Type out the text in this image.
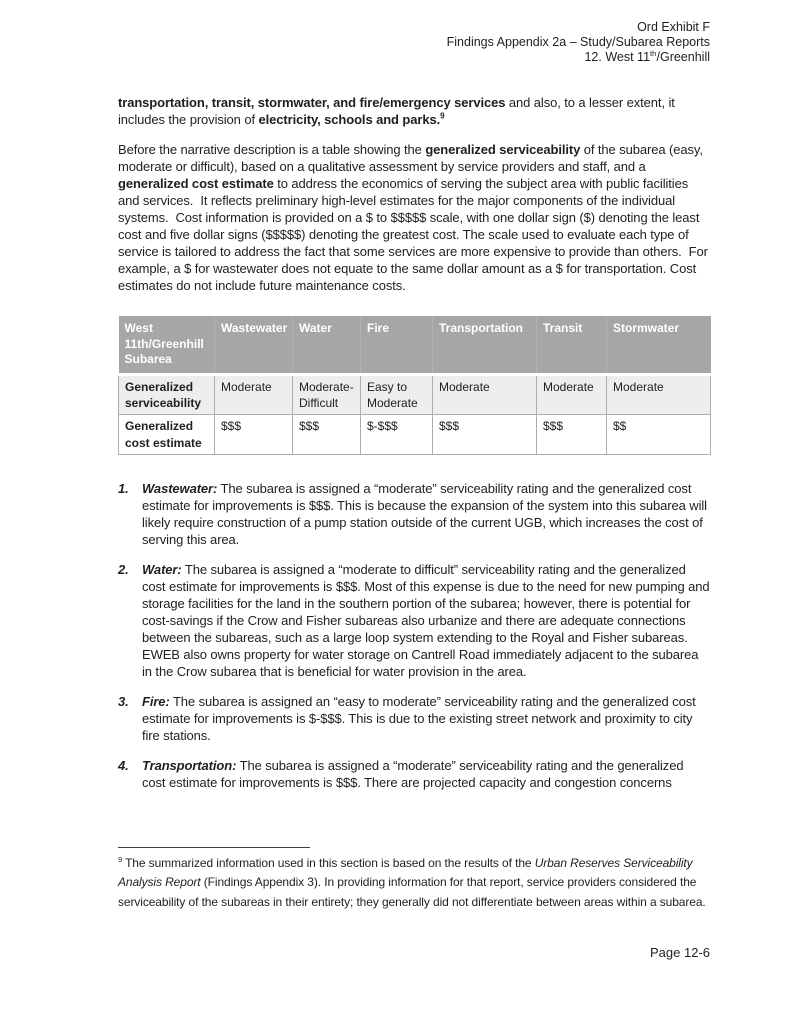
Ord Exhibit F
Findings Appendix 2a – Study/Subarea Reports
12. West 11th/Greenhill

transportation, transit, stormwater, and fire/emergency services and also, to a lesser extent, it includes the provision of electricity, schools and parks.$^9$

Before the narrative description is a table showing the generalized serviceability of the subarea (easy, moderate or difficult), based on a qualitative assessment by service providers and staff, and a generalized cost estimate to address the economics of serving the subject area with public facilities and services.  It reflects preliminary high-level estimates for the major components of the individual systems.  Cost information is provided on a $ to $$$$$ scale, with one dollar sign ($) denoting the least cost and five dollar signs ($$$$$) denoting the greatest cost. The scale used to evaluate each type of service is tailored to address the fact that some services are more expensive to provide than others.  For example, a $ for wastewater does not equate to the same dollar amount as a $ for transportation. Cost estimates do not include future maintenance costs.

West 11th/Greenhill Subarea	Wastewater	Water	Fire	Transportation	Transit	Stormwater
Generalized serviceability	Moderate	Moderate-Difficult	Easy to Moderate	Moderate	Moderate	Moderate
Generalized cost estimate	$$$	$$$	$-$$$	$$$	$$$	$$
1.	Wastewater: The subarea is assigned a “moderate” serviceability rating and the generalized cost estimate for improvements is $$$. This is because the expansion of the system into this subarea will likely require construction of a pump station outside of the current UGB, which increases the cost of serving this area.
2.	Water: The subarea is assigned a “moderate to difficult” serviceability rating and the generalized cost estimate for improvements is $$$. Most of this expense is due to the need for new pumping and storage facilities for the land in the southern portion of the subarea; however, there is potential for cost-savings if the Crow and Fisher subareas also urbanize and there are adequate connections between the subareas, such as a large loop system extending to the Royal and Fisher subareas. EWEB also owns property for water storage on Cantrell Road immediately adjacent to the subarea in the Crow subarea that is beneficial for water provision in the area.
3.	Fire: The subarea is assigned an “easy to moderate” serviceability rating and the generalized cost estimate for improvements is $-$$$. This is due to the existing street network and proximity to city fire stations.
4.	Transportation: The subarea is assigned a “moderate” serviceability rating and the generalized cost estimate for improvements is $$$. There are projected capacity and congestion concerns
$^9$ The summarized information used in this section is based on the results of the Urban Reserves Serviceability Analysis Report (Findings Appendix 3). In providing information for that report, service providers considered the serviceability of the subareas in their entirety; they generally did not differentiate between areas within a subarea.
Page 12-6
